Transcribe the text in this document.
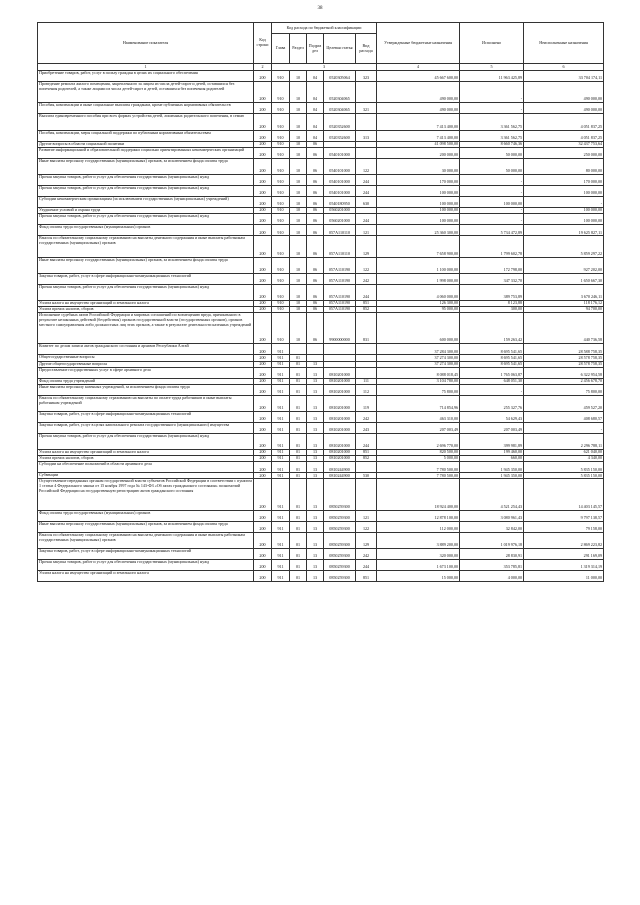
38
Наименование показателя	Код строки	Код расхода по бюджетной классификации					Утвержденные бюджетные назначения	Исполнено	Неисполненные назначения
		Глава	Раздел	Подраз дел	Целевая статья	Вид расхода			
1	2	3					4	5	6
Приобретение товаров, работ, услуг в пользу граждан в целях их социального обеспечения	200	910	10	04	0520305064	323	45 667 600,00	11 963 425,89	33 704 174,11
Проведение ремонта жилого помещения, закрепленного за лицом из числа детей-сирот и детей, оставшихся без попечения родителей, а также лицами из числа детей-сирот и детей, оставшихся без попечения родителей	200	910	10	04	0520304065		490 000,00	-	490 000,00
Пособия, компенсации и иные социальные выплаты гражданам, кроме публичных нормативных обязательств	200	910	10	04	0520304065	321	490 000,00	-	490 000,00
Выплата единовременного пособия при всех формах устройства детей, лишенных родительского попечения, в семью	200	910	10	04	0520352600		7 413 400,00	3 361 562,75	4 051 837,25
Пособия, компенсации, меры социальной поддержки по публичным нормативным обязательствам	200	910	10	04	0520352600	313	7 413 400,00	3 361 562,75	4 051 837,25
Другие вопросы в области социальной политики	200	910	10	06			41 098 500,00	8 660 746,36	32 437 753,64
Развитие информационной и образовательной поддержки социально ориентированных некоммерческих организаций	200	910	10	06	0540101000		200 000,00	50 000,00	250 000,00
Иные выплаты персоналу государственных (муниципальных) органов, за исключением фонда оплаты труда	200	910	10	06	0540101000	122	30 000,00	50 000,00	80 000,00
Прочая закупка товаров, работ и услуг для обеспечения государственных (муниципальных) нужд	200	910	10	06	0540101000	244	170 000,00	-	170 000,00
Прочая закупка товаров, работ и услуг для обеспечения государственных (муниципальных) нужд	200	910	10	06	0540101000	244	100 000,00	-	100 000,00
Субсидии некоммерческим организациям (за исключением государственных (муниципальных) учреждений)	200	910	10	06	0540180950	630	100 000,00	100 000,00	-
Ухудшение условий и охрана труда	200	910	10	06	0560201000		100 000,00	-	100 000,00
Прочая закупка товаров, работ и услуг для обеспечения государственных (муниципальных) нужд	200	910	10	06	0560201000	244	100 000,00	-	100 000,00
Фонд оплаты труда государственных (муниципальных) органов	200	910	10	06	057А110110	121	25 360 300,00	5 734 472,89	19 625 827,11
Взносы по обязательному социальному страхованию на выплаты денежного содержания и иные выплаты работникам государственных (муниципальных) органов	200	910	10	06	057А110110	129	7 658 900,00	1 799 602,78	5 859 297,22
Иные выплаты персоналу государственных (муниципальных) органов, за исключением фонда оплаты труда	200	910	10	06	057А110190	122	1 100 000,00	172 798,00	927 202,00
Закупка товаров, работ, услуг в сфере информационно-коммуникационных технологий	200	910	10	06	057А110190	242	1 998 000,00	347 332,70	1 650 667,30
Прочая закупка товаров, работ и услуг для обеспечения государственных (муниципальных) нужд	200	910	10	06	057А110190	244	4 060 000,00	389 753,89	3 670 246,11
Уплата налога на имущество организаций и земельного налога	200	910	10	06	057А110190	851	126 300,00	8 123,88	118 176,12
Уплата прочих налогов, сборов	200	910	10	06	057А110190	852	95 000,00	300,00	94 700,00
Исполнение судебных актов Российской Федерации и мировых соглашений по возмещению вреда, причиненного в результате незаконных действий (бездействия) органов государственной власти (государственных органов), органов местного самоуправления либо должностных лиц этих органов, а также в результате деятельности казенных учреждений	200	910	10	06	9900000000	831	600 000,00	159 263,42	440 736,58
Комитет по делам записи актов гражданского состояния и архивов Республики Алтай	200	911					37 284 300,00	8 695 541,65	28 588 758,35
Общегосударственные вопросы	200	911	01				37 274 300,00	8 695 541,65	28 578 758,35
Другие общегосударственные вопросы	200	911	01	13			37 274 300,00	8 695 541,65	28 578 758,35
Предоставление государственных услуг в сфере архивного дела	200	911	01	13	0810201000		8 088 018,45	1 765 063,87	6 322 954,58
Фонд оплаты труда учреждений	200	911	01	13	0810201000	111	3 104 780,00	648 051,30	2 456 678,70
Иные выплаты персоналу казенных учреждений, за исключением фонда оплаты труда	200	911	01	13	0810201000	112	75 800,00	-	75 800,00
Взносы по обязательному социальному страхованию на выплаты по оплате труда работников и иные выплаты работникам учреждений	200	911	01	13	0810201000	119	714 854,96	255 327,76	459 527,20
Закупка товаров, работ, услуг в сфере информационно-коммуникационных технологий	200	911	01	13	0810201000	242	463 310,00	54 629,43	408 680,57
Закупка товаров, работ, услуг в целях капитального ремонта государственного (муниципального) имущества	200	911	01	13	0810201000	243	207 003,49	207 003,49	-
Прочая закупка товаров, работ и услуг для обеспечения государственных (муниципальных) нужд	200	911	01	13	0810201000	244	2 696 770,00	399 981,89	2 296 788,11
Уплата налога на имущество организаций и земельного налога	200	911	01	13	0810201000	851	820 500,00	199 460,00	621 040,00
Уплата прочих налогов, сборов	200	911	01	13	0810201000	852	5 000,00	660,00	4 340,00
Субсидии на обеспечение полномочий в области архивного дела	200	911	01	13	0810244900		7 780 500,00	1 945 350,00	5 835 150,00
Субвенции	200	911	01	13	0810244900	530	7 780 500,00	1 945 350,00	5 835 150,00
Осуществление переданных органам государственной власти субъектов Российской Федерации в соответствии с пунктом 1 статьи 4 Федерального закона от 15 ноября 1997 года № 143-ФЗ «Об актах гражданского состояния» полномочий Российской Федерации на государственную регистрацию актов гражданского состояния	200	911	01	13	0850259300		18 924 400,00	4 521 254,43	14 403 145,57
Фонд оплаты труда государственных (муниципальных) органов	200	911	01	13	0850259300	121	12 878 100,00	3 080 961,43	9 797 138,57
Иные выплаты персоналу государственных (муниципальных) органов, за исключением фонда оплаты труда	200	911	01	13	0850259300	122	112 000,00	32 842,00	79 158,00
Взносы по обязательному социальному страхованию на выплаты денежного содержания и иные выплаты работникам государственных (муниципальных) органов	200	911	01	13	0850259300	129	3 889 200,00	1 019 976,18	2 869 223,82
Закупка товаров, работ, услуг в сфере информационно-коммуникационных технологий	200	911	01	13	0850259300	242	320 000,00	28 830,91	291 169,09
Прочая закупка товаров, работ и услуг для обеспечения государственных (муниципальных) нужд	200	911	01	13	0850259300	244	1 673 100,00	353 785,81	1 319 314,19
Уплата налога на имущество организаций и земельного налога	200	911	01	13	0850259300	851	15 000,00	4 000,00	11 000,00
